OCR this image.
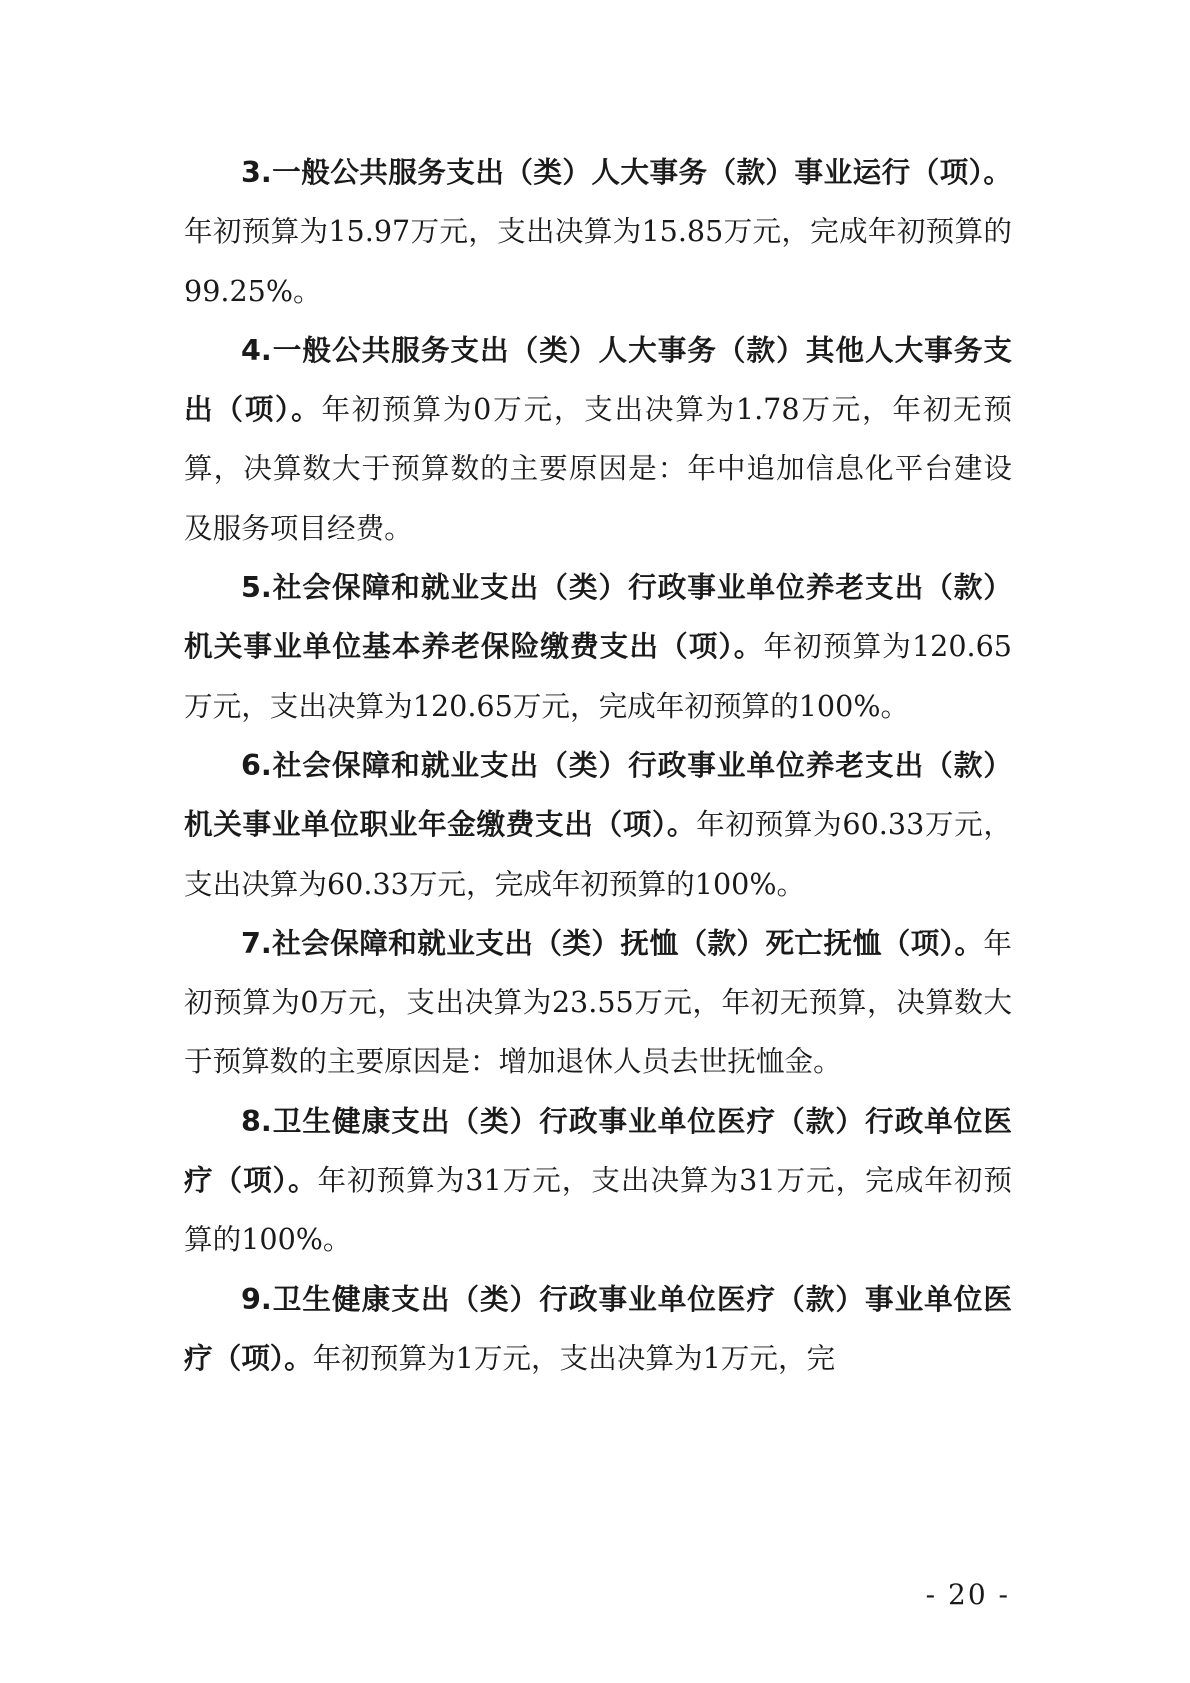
3.一般公共服务支出（类）人大事务（款）事业运行（项）。年初预算为15.97万元，支出决算为15.85万元，完成年初预算的99.25%。

4.一般公共服务支出（类）人大事务（款）其他人大事务支出（项）。年初预算为0万元，支出决算为1.78万元，年初无预算，决算数大于预算数的主要原因是：年中追加信息化平台建设及服务项目经费。

5.社会保障和就业支出（类）行政事业单位养老支出（款）机关事业单位基本养老保险缴费支出（项）。年初预算为120.65万元，支出决算为120.65万元，完成年初预算的100%。

6.社会保障和就业支出（类）行政事业单位养老支出（款）机关事业单位职业年金缴费支出（项）。年初预算为60.33万元，支出决算为60.33万元，完成年初预算的100%。

7.社会保障和就业支出（类）抚恤（款）死亡抚恤（项）。年初预算为0万元，支出决算为23.55万元，年初无预算，决算数大于预算数的主要原因是：增加退休人员去世抚恤金。

8.卫生健康支出（类）行政事业单位医疗（款）行政单位医疗（项）。年初预算为31万元，支出决算为31万元，完成年初预算的100%。

9.卫生健康支出（类）行政事业单位医疗（款）事业单位医疗（项）。年初预算为1万元，支出决算为1万元，完

- 20 -
